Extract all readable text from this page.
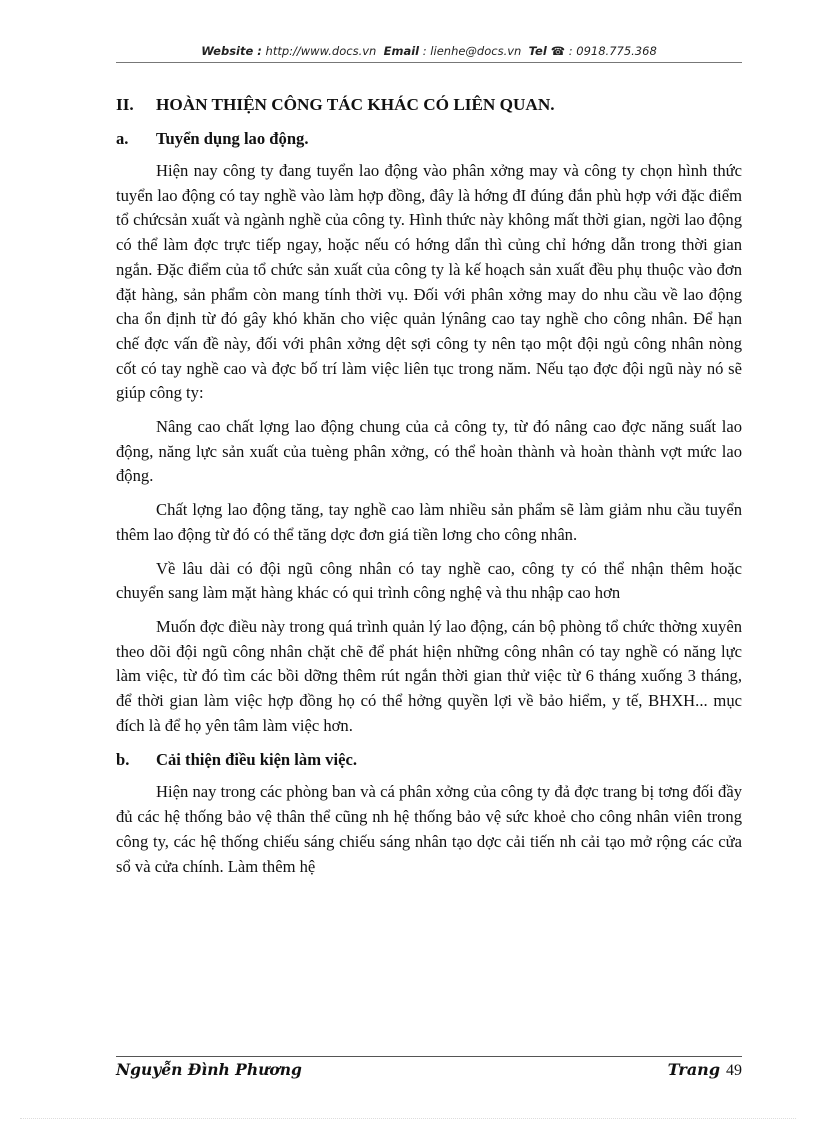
Website : http://www.docs.vn Email : lienhe@docs.vn Tel ☎ : 0918.775.368
II.	HOÀN THIỆN CÔNG TÁC KHÁC CÓ LIÊN QUAN.
a.	Tuyển dụng lao động.

Hiện nay công ty đang tuyển lao động vào phân xởng may và công ty chọn hình thức tuyển lao động có tay nghề vào làm hợp đồng, đây là hớng đI đúng đắn phù hợp với đặc điểm tổ chứcsản xuất và ngành nghề của công ty. Hình thức này không mất thời gian, ngời lao động có thể làm đợc trực tiếp ngay, hoặc nếu có hớng dẩn thì củng chỉ hớng dẫn trong thời gian ngắn. Đặc điểm của tổ chức sản xuất của công ty là kế hoạch sản xuất đều phụ thuộc vào đơn đặt hàng, sản phẩm còn mang tính thời vụ. Đối với phân xởng may do nhu cầu về lao động cha ổn định từ đó gây khó khăn cho việc quản lýnâng cao tay nghề cho công nhân. Để hạn chế đợc vấn đề này, đối với phân xởng dệt sợi công ty nên tạo một đội ngủ công nhân nòng cốt có tay nghề cao và đợc bố trí làm việc liên tục trong năm. Nếu tạo đợc đội ngũ này nó sẽ giúp công ty:

Nâng cao chất lợng lao động chung của cả công ty, từ đó nâng cao đợc năng suất lao động, năng lực sản xuất của tuèng phân xởng, có thể hoàn thành và hoàn thành vợt mức lao động.

Chất lợng lao động tăng, tay nghề cao làm nhiều sản phẩm sẽ làm giảm nhu cầu tuyển thêm lao động từ đó có thể tăng dợc đơn giá tiền lơng cho công nhân.

Về lâu dài có đội ngũ công nhân có tay nghề cao, công ty có thể nhận thêm hoặc chuyển sang làm mặt hàng khác có qui trình công nghệ và thu nhập cao hơn

Muốn đợc điều này trong quá trình quản lý lao động, cán bộ phòng tổ chức thờng xuyên theo dõi đội ngũ công nhân chặt chẽ để phát hiện những công nhân có tay nghề có năng lực làm việc, từ đó tìm các bồi dỡng thêm rút ngắn thời gian thử việc từ 6 tháng xuống 3 tháng, để thời gian làm việc hợp đồng họ có thể hởng quyền lợi về bảo hiểm, y tế, BHXH... mục đích là để họ yên tâm làm việc hơn.

b.	Cải thiện điều kiện làm việc.

Hiện nay trong các phòng ban và cá phân xởng của công ty đả đợc trang bị tơng đối đầy đủ các hệ thống bảo vệ thân thể cũng nh hệ thống bảo vệ sức khoẻ cho công nhân viên trong công ty, các hệ thống chiếu sáng chiếu sáng nhân tạo dợc cải tiến nh cải tạo mở rộng các cửa sổ và cửa chính. Làm thêm hệ

Nguyễn Đình Phương	Trang 49
